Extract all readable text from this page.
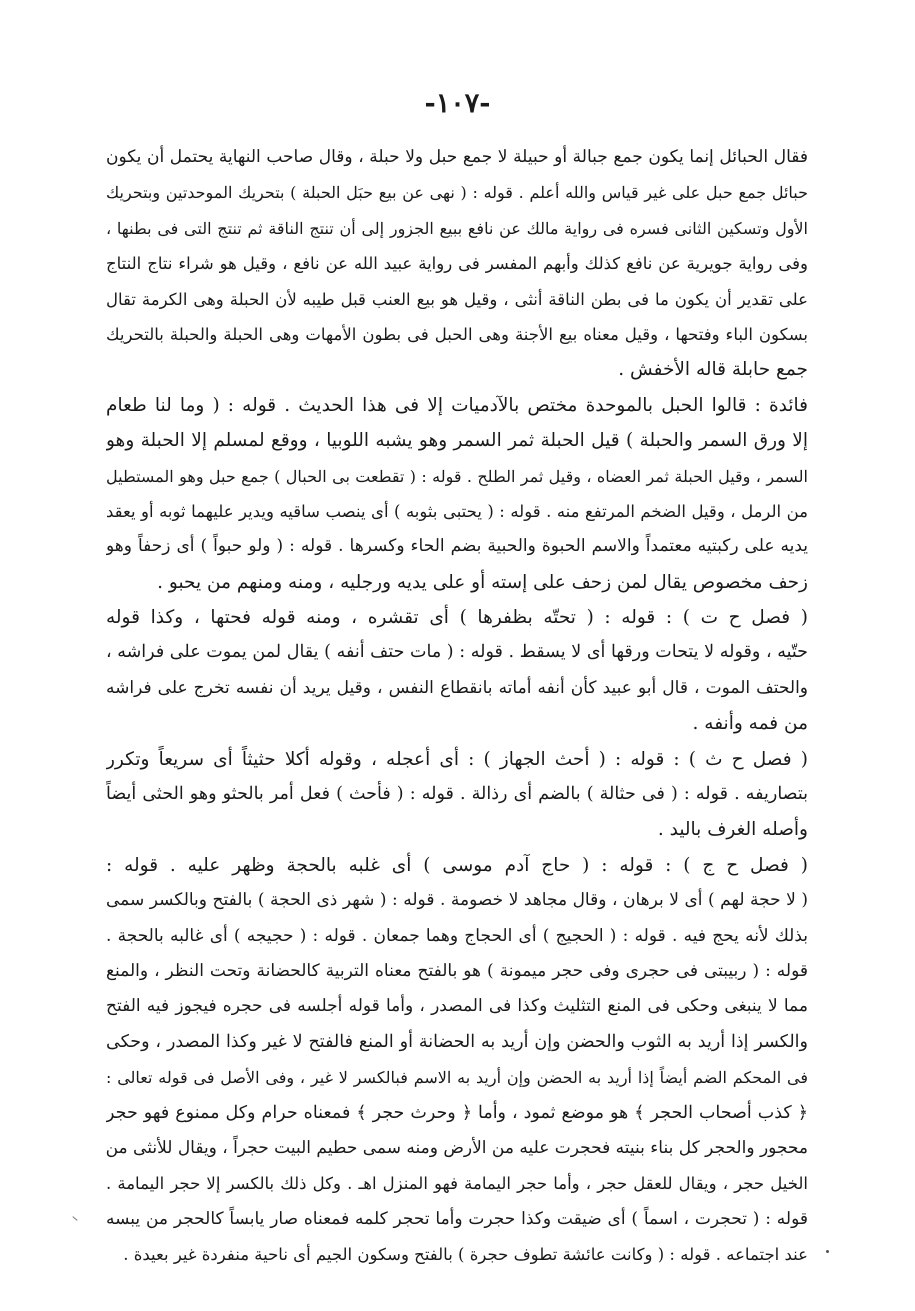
-١٠٧-
فقال الحبائل إنما يكون جمع جبالة أو حبيلة لا جمع حبل ولا حبلة ، وقال صاحب النهاية يحتمل أن يكون
حبائل جمع حبل على غير قياس والله أعلم . قوله : ( نهى عن بيع حبَل الحبلة ) بتحريك الموحدتين وبتحريك
الأول وتسكين الثانى فسره فى رواية مالك عن نافع ببيع الجزور إلى أن تنتج الناقة ثم تنتج التى فى بطنها ،
وفى رواية جويرية عن نافع كذلك وأبهم المفسر فى رواية عبيد الله عن نافع ، وقيل هو شراء نتاج النتاج
على تقدير أن يكون ما فى بطن الناقة أنثى ، وقيل هو بيع العنب قبل طيبه لأن الحبلة وهى الكرمة تقال
بسكون الباء وفتحها ، وقيل معناه بيع الأجنة وهى الحبل فى بطون الأمهات وهى الحبلة والحبلة بالتحريك
جمع حابلة قاله الأخفش .
فائدة : قالوا الحبل بالموحدة مختص بالآدميات إلا فى هذا الحديث . قوله : ( وما لنا طعام
إلا ورق السمر والحبلة ) قيل الحبلة ثمر السمر وهو يشبه اللوبيا ، ووقع لمسلم إلا الحبلة وهو
السمر ، وقيل الحبلة ثمر العضاه ، وقيل ثمر الطلح . قوله : ( تقطعت بى الحبال ) جمع حبل وهو المستطيل
من الرمل ، وقيل الضخم المرتفع منه . قوله : ( يحتبى بثوبه ) أى ينصب ساقيه ويدير عليهما ثوبه أو يعقد
يديه على ركبتيه معتمداً والاسم الحبوة والحبية بضم الحاء وكسرها . قوله : ( ولو حبواً ) أى زحفاً وهو
زحف مخصوص يقال لمن زحف على إسته أو على يديه ورجليه ، ومنه ومنهم من يحبو .
( فصل ح ت ) : قوله : ( تحتّه بظفرها ) أى تقشره ، ومنه قوله فحتها ، وكذا قوله
حتّيه ، وقوله لا يتحات ورقها أى لا يسقط . قوله : ( مات حتف أنفه ) يقال لمن يموت على فراشه ،
والحتف الموت ، قال أبو عبيد كأن أنفه أماته بانقطاع النفس ، وقيل يريد أن نفسه تخرج على فراشه
من فمه وأنفه .
( فصل ح ث ) : قوله : ( أحث الجهاز ) : أى أعجله ، وقوله أكلا حثيثاً أى سريعاً وتكرر
بتصاريفه . قوله : ( فى حثالة ) بالضم أى رذالة . قوله : ( فأحث ) فعل أمر بالحثو وهو الحثى أيضاً
وأصله الغرف باليد .
( فصل ح ج ) : قوله : ( حاج آدم موسى ) أى غلبه بالحجة وظهر عليه . قوله :
( لا حجة لهم ) أى لا برهان ، وقال مجاهد لا خصومة . قوله : ( شهر ذى الحجة ) بالفتح وبالكسر سمى
بذلك لأنه يحج فيه . قوله : ( الحجيج ) أى الحجاج وهما جمعان . قوله : ( حجيجه ) أى غالبه بالحجة .
قوله : ( ربيبتى فى حجرى وفى حجر ميمونة ) هو بالفتح معناه التربية كالحضانة وتحت النظر ، والمنع
مما لا ينبغى وحكى فى المنع التثليث وكذا فى المصدر ، وأما قوله أجلسه فى حجره فيجوز فيه الفتح
والكسر إذا أريد به الثوب والحضن وإن أريد به الحضانة أو المنع فالفتح لا غير وكذا المصدر ، وحكى
فى المحكم الضم أيضاً إذا أريد به الحضن وإن أريد به الاسم فبالكسر لا غير ، وفى الأصل فى قوله تعالى :
﴿ كذب أصحاب الحجر ﴾ هو موضع ثمود ، وأما ﴿ وحرث حجر ﴾ فمعناه حرام وكل ممنوع فهو حجر
محجور والحجر كل بناء بنيته فحجرت عليه من الأرض ومنه سمى حطيم البيت حجراً ، ويقال للأنثى من
الخيل حجر ، ويقال للعقل حجر ، وأما حجر اليمامة فهو المنزل اهـ . وكل ذلك بالكسر إلا حجر اليمامة .
قوله : ( تحجرت ، اسماً ) أى ضيقت وكذا حجرت وأما تحجر كلمه فمعناه صار يابساً كالحجر من يبسه
عند اجتماعه . قوله : ( وكانت عائشة تطوف حجرة ) بالفتح وسكون الجيم أى ناحية منفردة غير بعيدة .
